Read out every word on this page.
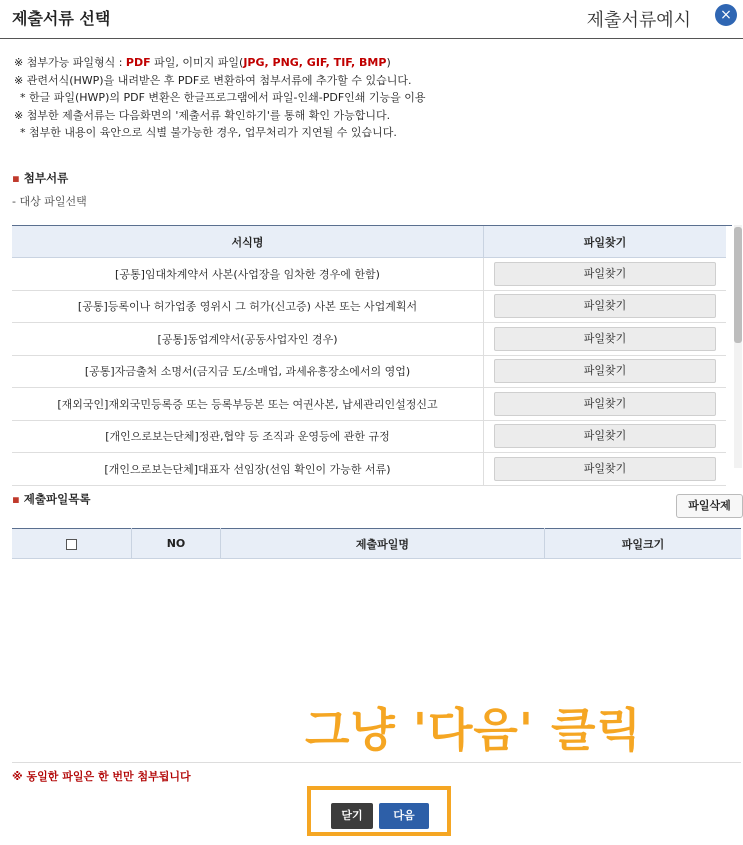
제출서류 선택	제출서류예시	×
※ 첨부가능 파일형식 : PDF 파일, 이미지 파일(JPG, PNG, GIF, TIF, BMP)
※ 관련서식(HWP)을 내려받은 후 PDF로 변환하여 첨부서류에 추가할 수 있습니다.
* 한글 파일(HWP)의 PDF 변환은 한글프로그램에서 파일-인쇄-PDF인쇄 기능을 이용
※ 첨부한 제출서류는 다음화면의 '제출서류 확인하기'를 통해 확인 가능합니다.
* 첨부한 내용이 육안으로 식별 불가능한 경우, 업무처리가 지연될 수 있습니다.
▪ 첨부서류
- 대상 파일선택
서식명	파일찾기
[공통]임대차계약서 사본(사업장을 임차한 경우에 한함)	파일찾기
[공통]등록이나 허가업종 영위시 그 허가(신고증) 사본 또는 사업계획서	파일찾기
[공통]동업계약서(공동사업자인 경우)	파일찾기
[공통]자금출처 소명서(금지금 도/소매업, 과세유흥장소에서의 영업)	파일찾기
[재외국인]재외국민등록증 또는 등록부등본 또는 여권사본, 납세관리인설정신고	파일찾기
[개인으로보는단체]정관,협약 등 조직과 운영등에 관한 규정	파일찾기
[개인으로보는단체]대표자 선임장(선임 확인이 가능한 서류)	파일찾기
▪ 제출파일목록	파일삭제
	NO	제출파일명	파일크기
그냥 '다음' 클릭
※ 동일한 파일은 한 번만 첨부됩니다
닫기	다음
